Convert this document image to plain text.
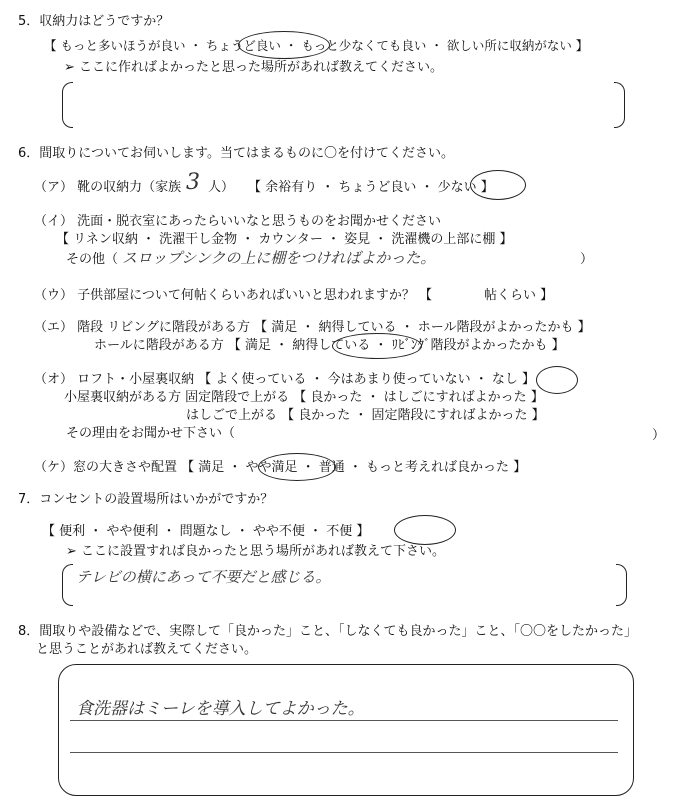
5．収納力はどうですか？
【 もっと多いほうが良い ・ ちょうど良い ・ もっと少なくても良い ・ 欲しい所に収納がない 】
➢ ここに作ればよかったと思った場所があれば教えてください。
6．間取りについてお伺いします。当てはまるものに〇を付けてください。
（ア） 靴の収納力（家族 3 人） 【 余裕有り ・ ちょうど良い ・ 少ない 】
（イ） 洗面・脱衣室にあったらいいなと思うものをお聞かせください
【 リネン収納 ・ 洗濯干し金物 ・ カウンター ・ 姿見 ・ 洗濯機の上部に棚 】
その他（ スロップシンクの上に棚をつければよかった。	）
（ウ） 子供部屋について何帖くらいあればいいと思われますか？ 【	帖くらい 】
（エ） 階段 リビングに階段がある方 【 満足 ・ 納得している ・ ホール階段がよかったかも 】
ホールに階段がある方 【 満足 ・ 納得している ・ ﾘﾋﾞﾝｸﾞ階段がよかったかも 】
（オ） ロフト・小屋裏収納 【 よく使っている ・ 今はあまり使っていない ・ なし 】
小屋裏収納がある方 固定階段で上がる 【 良かった ・ はしごにすればよかった 】
はしごで上がる 【 良かった ・ 固定階段にすればよかった 】
その理由をお聞かせ下さい（	）
（ケ）窓の大きさや配置 【 満足 ・ やや満足 ・ 普通 ・ もっと考えれば良かった 】
7．コンセントの設置場所はいかがですか？
【 便利 ・ やや便利 ・ 問題なし ・ やや不便 ・ 不便 】
➢ ここに設置すれば良かったと思う場所があれば教えて下さい。
テレビの横にあって不要だと感じる。
8．間取りや設備などで、実際して「良かった」こと、「しなくても良かった」こと、「〇〇をしたかった」
と思うことがあれば教えてください。
食洗器はミーレを導入してよかった。
